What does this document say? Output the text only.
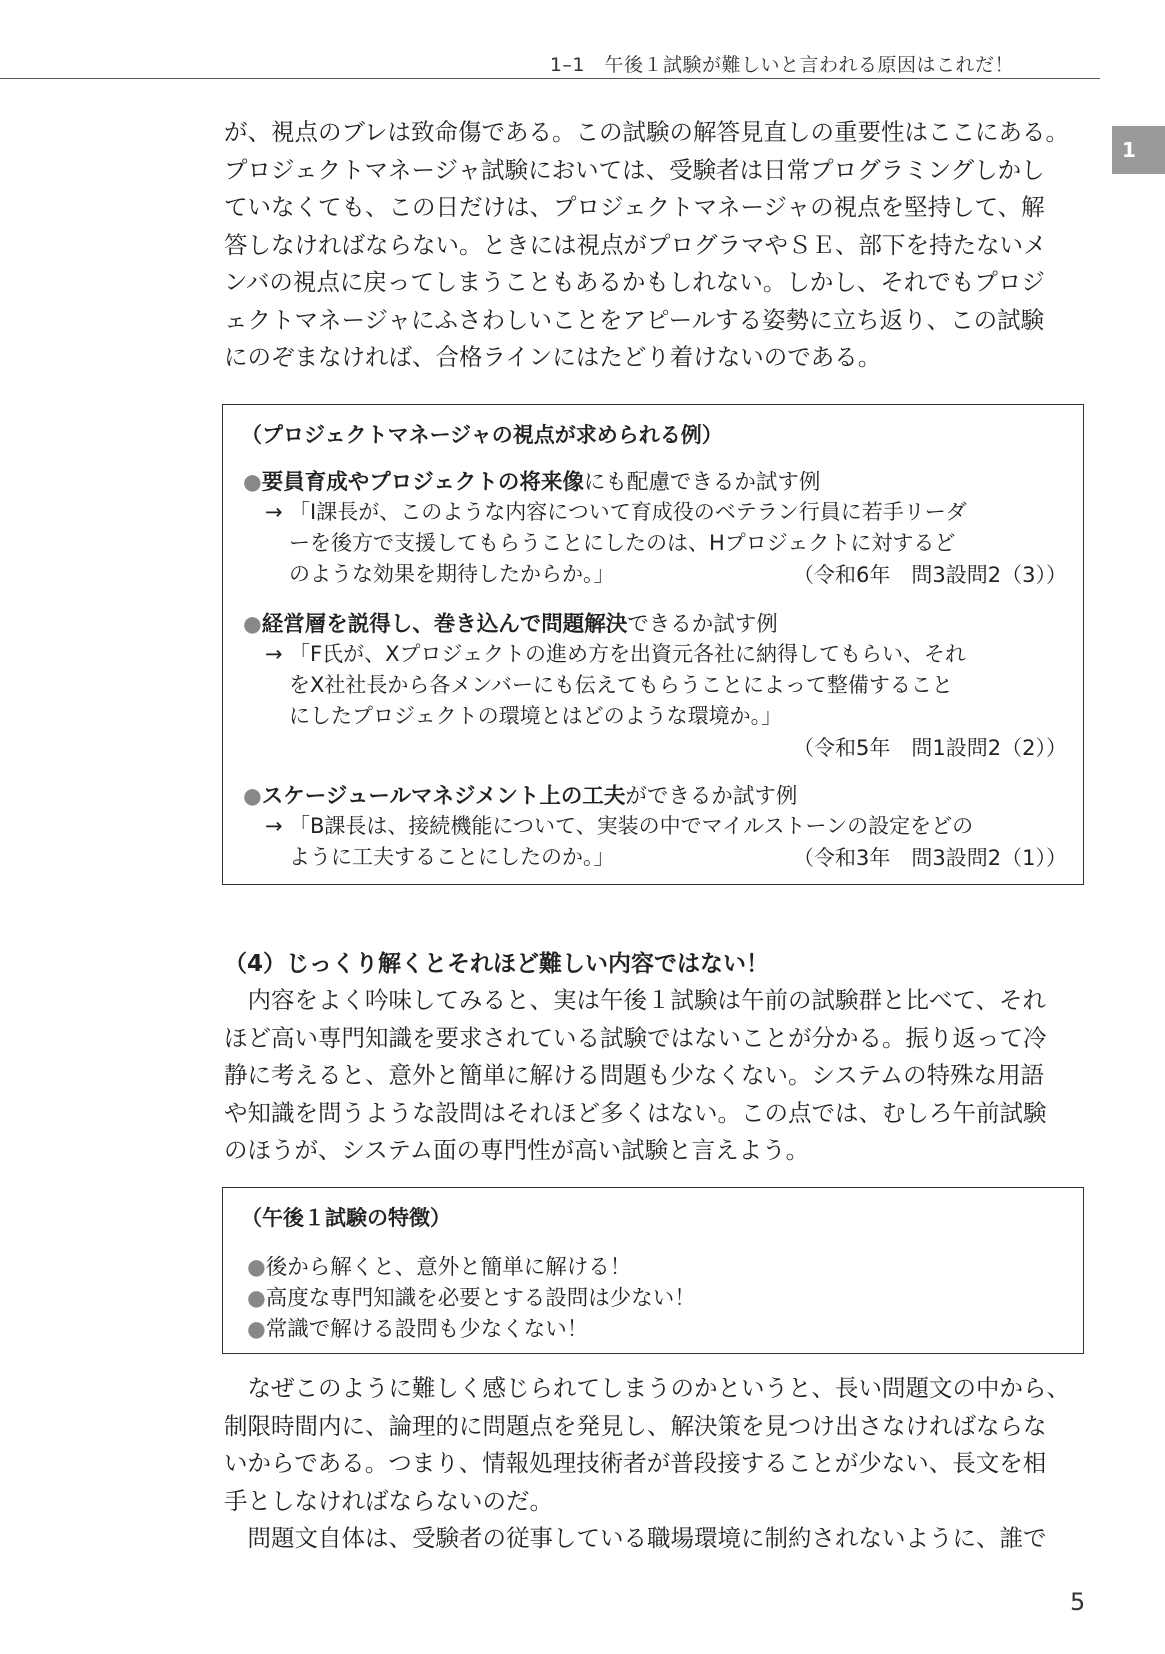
1–1　午後１試験が難しいと言われる原因はこれだ！
1

が、視点のブレは致命傷である。この試験の解答見直しの重要性はここにある。
プロジェクトマネージャ試験においては、受験者は日常プログラミングしかし
ていなくても、この日だけは、プロジェクトマネージャの視点を堅持して、解
答しなければならない。ときには視点がプログラマやＳＥ、部下を持たないメ
ンバの視点に戻ってしまうこともあるかもしれない。しかし、それでもプロジ
ェクトマネージャにふさわしいことをアピールする姿勢に立ち返り、この試験
にのぞまなければ、合格ラインにはたどり着けないのである。

（プロジェクトマネージャの視点が求められる例）
●要員育成やプロジェクトの将来像にも配慮できるか試す例
→ 「I課長が、このような内容について育成役のベテラン行員に若手リーダ
ーを後方で支援してもらうことにしたのは、Hプロジェクトに対するど
のような効果を期待したからか。」	（令和6年　問3設問2（3））
●経営層を説得し、巻き込んで問題解決できるか試す例
→ 「F氏が、Xプロジェクトの進め方を出資元各社に納得してもらい、それ
をX社社長から各メンバーにも伝えてもらうことによって整備すること
にしたプロジェクトの環境とはどのような環境か。」

（令和5年　問1設問2（2））
●スケージュールマネジメント上の工夫ができるか試す例
→ 「B課長は、接続機能について、実装の中でマイルストーンの設定をどの
ように工夫することにしたのか。」	（令和3年　問3設問2（1））
（4）じっくり解くとそれほど難しい内容ではない！

　内容をよく吟味してみると、実は午後１試験は午前の試験群と比べて、それ
ほど高い専門知識を要求されている試験ではないことが分かる。振り返って冷
静に考えると、意外と簡単に解ける問題も少なくない。システムの特殊な用語
や知識を問うような設問はそれほど多くはない。この点では、むしろ午前試験
のほうが、システム面の専門性が高い試験と言えよう。

（午後１試験の特徴）
●後から解くと、意外と簡単に解ける！
●高度な専門知識を必要とする設問は少ない！
●常識で解ける設問も少なくない！

　なぜこのように難しく感じられてしまうのかというと、長い問題文の中から、
制限時間内に、論理的に問題点を発見し、解決策を見つけ出さなければならな
いからである。つまり、情報処理技術者が普段接することが少ない、長文を相
手としなければならないのだ。
　問題文自体は、受験者の従事している職場環境に制約されないように、誰で

5
